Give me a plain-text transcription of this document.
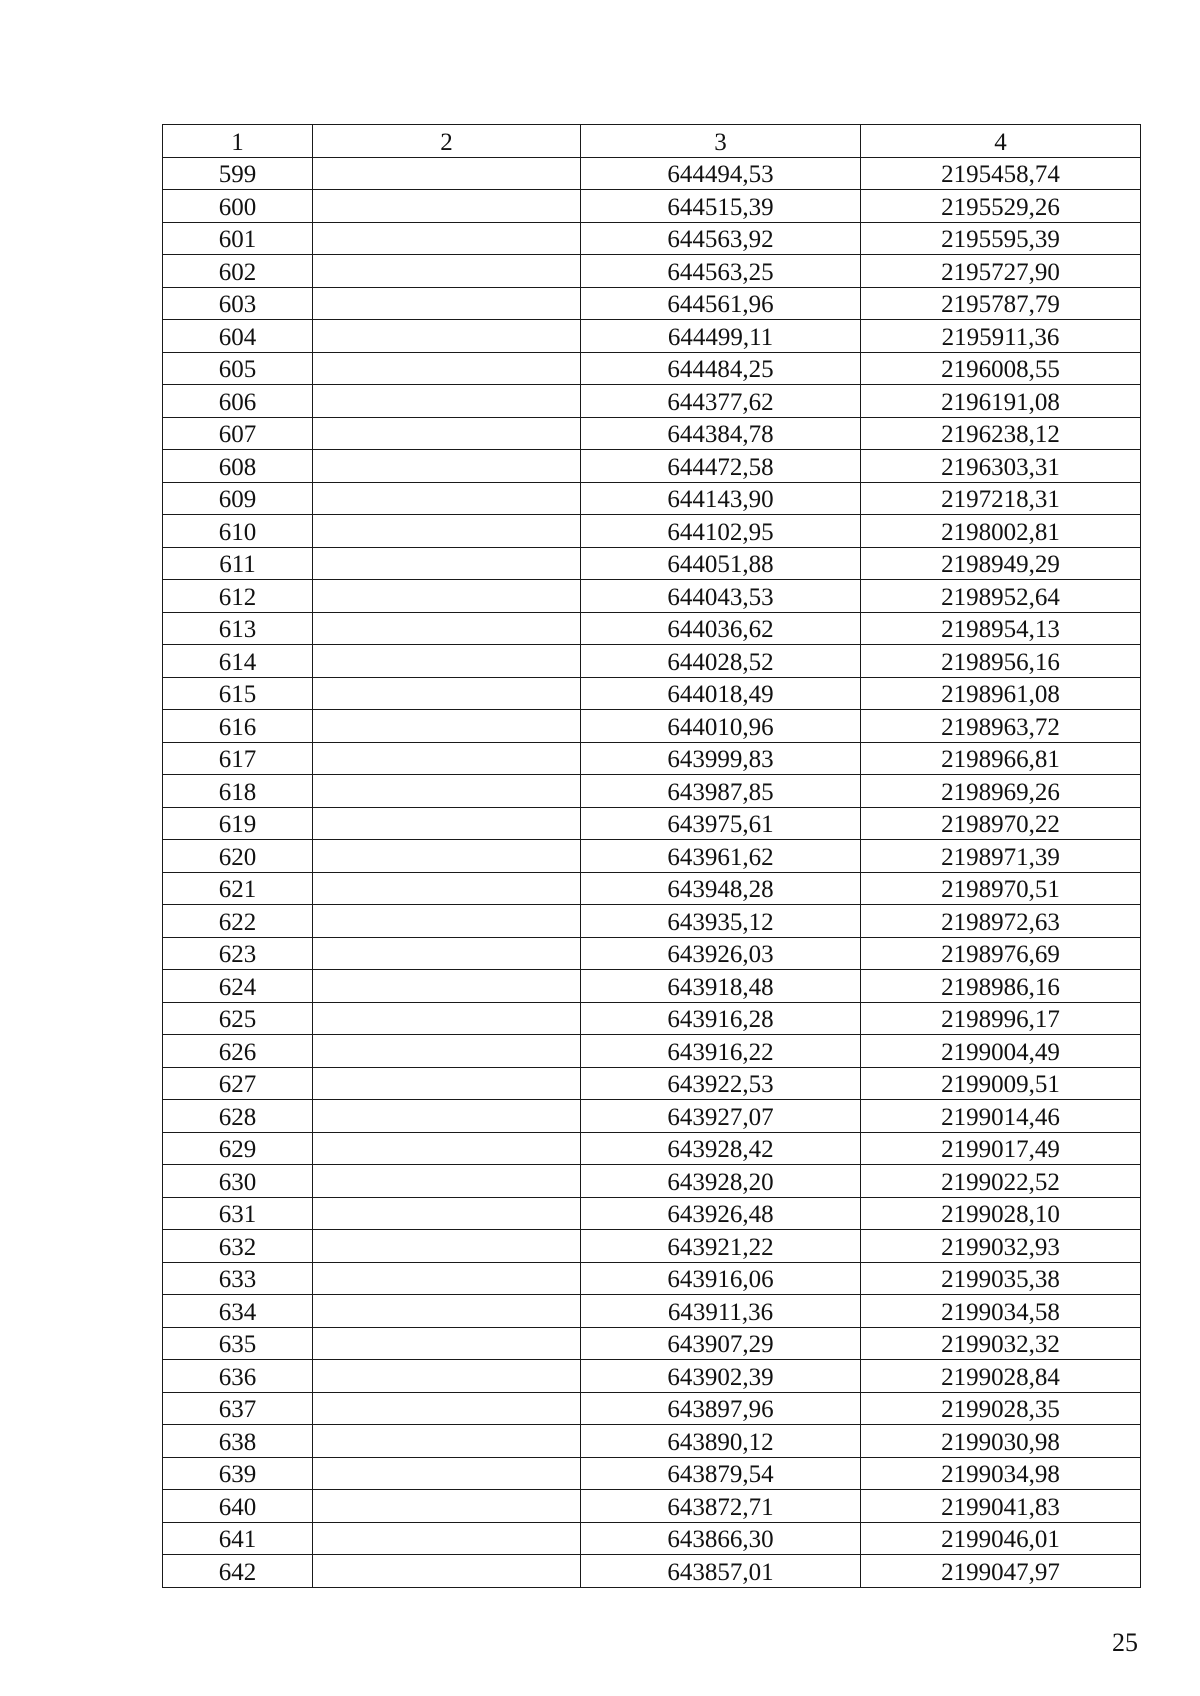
1	2	3	4
599		644494,53	2195458,74
600		644515,39	2195529,26
601		644563,92	2195595,39
602		644563,25	2195727,90
603		644561,96	2195787,79
604		644499,11	2195911,36
605		644484,25	2196008,55
606		644377,62	2196191,08
607		644384,78	2196238,12
608		644472,58	2196303,31
609		644143,90	2197218,31
610		644102,95	2198002,81
611		644051,88	2198949,29
612		644043,53	2198952,64
613		644036,62	2198954,13
614		644028,52	2198956,16
615		644018,49	2198961,08
616		644010,96	2198963,72
617		643999,83	2198966,81
618		643987,85	2198969,26
619		643975,61	2198970,22
620		643961,62	2198971,39
621		643948,28	2198970,51
622		643935,12	2198972,63
623		643926,03	2198976,69
624		643918,48	2198986,16
625		643916,28	2198996,17
626		643916,22	2199004,49
627		643922,53	2199009,51
628		643927,07	2199014,46
629		643928,42	2199017,49
630		643928,20	2199022,52
631		643926,48	2199028,10
632		643921,22	2199032,93
633		643916,06	2199035,38
634		643911,36	2199034,58
635		643907,29	2199032,32
636		643902,39	2199028,84
637		643897,96	2199028,35
638		643890,12	2199030,98
639		643879,54	2199034,98
640		643872,71	2199041,83
641		643866,30	2199046,01
642		643857,01	2199047,97
25
